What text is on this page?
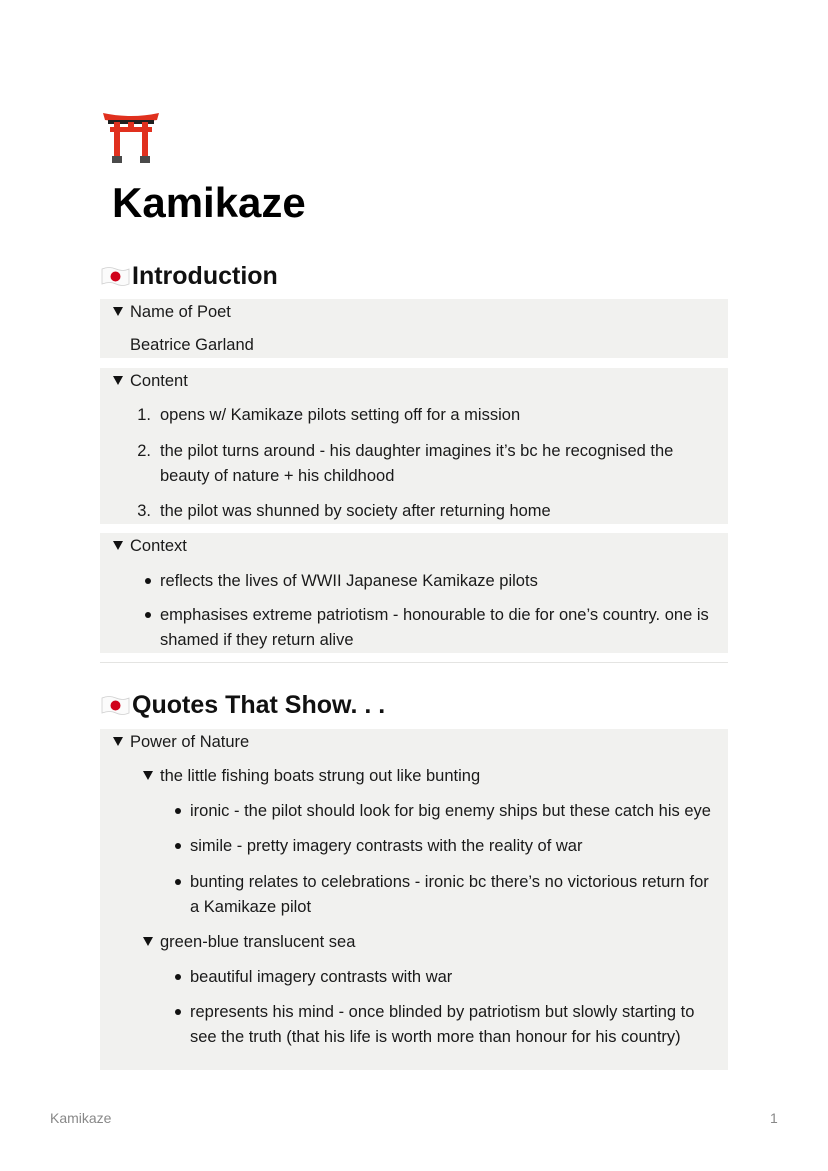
Kamikaze
Introduction
Name of Poet
Beatrice Garland
Content
1. opens w/ Kamikaze pilots setting off for a mission
2. the pilot turns around - his daughter imagines it’s bc he recognised the
beauty of nature + his childhood
3. the pilot was shunned by society after returning home
Context
reflects the lives of WWII Japanese Kamikaze pilots
emphasises extreme patriotism - honourable to die for one’s country. one is
shamed if they return alive
Quotes That Show. . .
Power of Nature
the little fishing boats strung out like bunting
ironic - the pilot should look for big enemy ships but these catch his eye
simile - pretty imagery contrasts with the reality of war
bunting relates to celebrations - ironic bc there’s no victorious return for
a Kamikaze pilot
green-blue translucent sea
beautiful imagery contrasts with war
represents his mind - once blinded by patriotism but slowly starting to
see the truth (that his life is worth more than honour for his country)
Kamikaze	1
